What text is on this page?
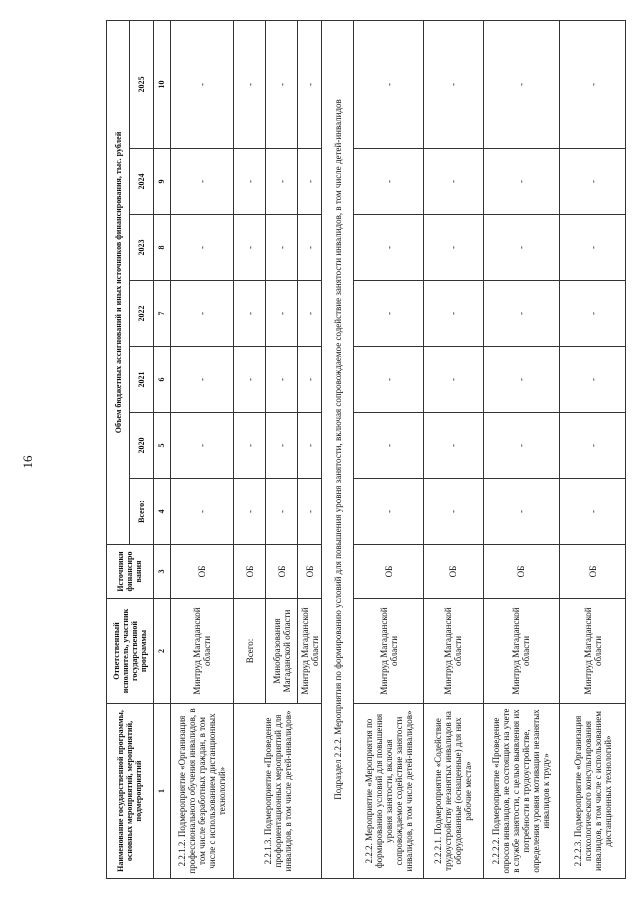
16
Наименование государственной программы, основных мероприятий, мероприятий, подмероприятий	Ответственный исполнитель, участник государственной программы	Источники финансиро вания	Объем бюджетных ассигнований и иных источников финансирования, тыс. рублей						
			Всего:	2020	2021	2022	2023	2024	2025
1	2	3	4	5	6	7	8	9	10
2.2.1.2. Подмероприятие «Организация профессионального обучения инвалидов, в том числе безработных граждан, в том числе с использованием дистанционных технологий»	Минтруд Магаданской области	ОБ	-	-	-	-	-	-	-
2.2.1.3. Подмероприятие «Проведение профориентационных мероприятий для инвалидов, в том числе детей-инвалидов»	Всего:	ОБ	-	-	-	-	-	-	-
	Минобразования Магаданской области	ОБ	-	-	-	-	-	-	-
	Минтруд Магаданской области	ОБ	-	-	-	-	-	-	-
Подраздел 2.2.2. Мероприятия по формированию условий для повышения уровня занятости, включая сопровождаемое содействие занятости инвалидов, в том числе детей-инвалидов									
2.2.2. Мероприятие «Мероприятия по формированию условий для повышения уровня занятости, включая сопровождаемое содействие занятости инвалидов, в том числе детей-инвалидов»	Минтруд Магаданской области	ОБ	-	-	-	-	-	-	-
2.2.2.1. Подмероприятие «Содействие трудоустройству незанятых инвалидов на оборудованные (оснащенные) для них рабочие места»	Минтруд Магаданской области	ОБ	-	-	-	-	-	-	-
2.2.2.2. Подмероприятие «Проведение опросов инвалидов, не состоящих на учете в службе занятости, с целью выявления их потребности в трудоустройстве, определения уровня мотивации незанятых инвалидов к труду»	Минтруд Магаданской области	ОБ	-	-	-	-	-	-	-
2.2.2.3. Подмероприятие «Организация психологического консультирования инвалидов, в том числе с использованием дистанционных технологий»	Минтруд Магаданской области	ОБ	-	-	-	-	-	-	-
